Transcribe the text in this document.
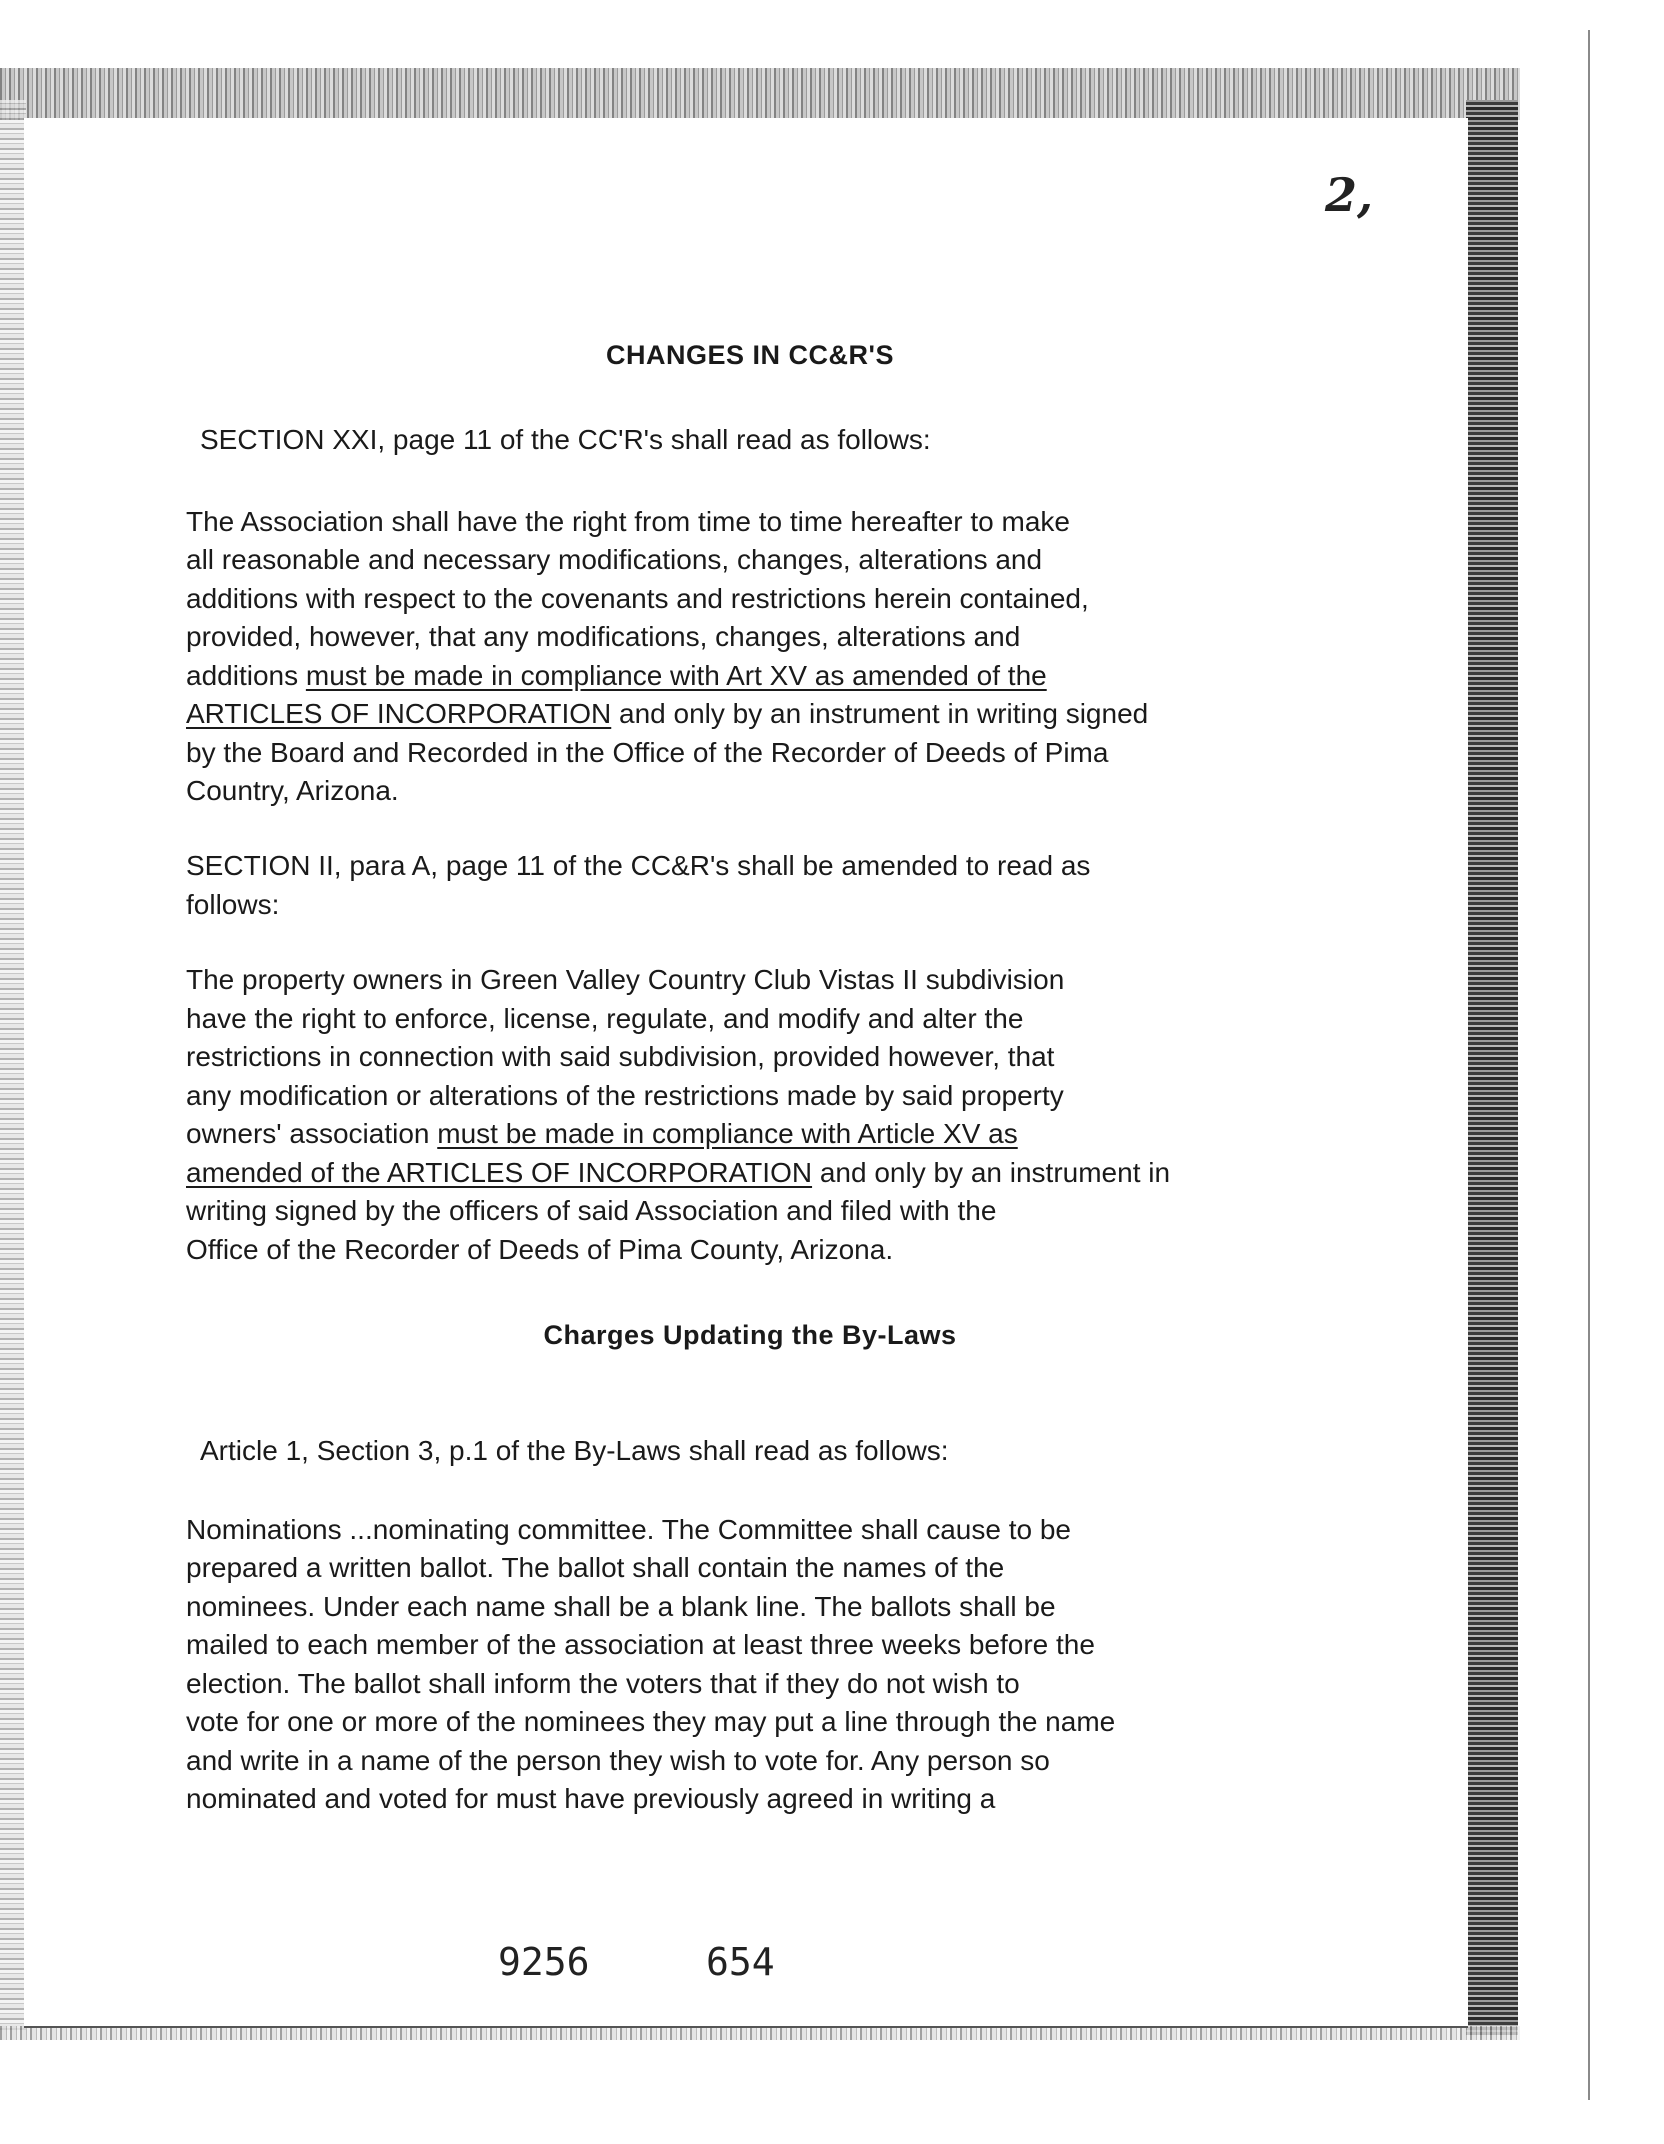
2,
CHANGES IN CC&R'S
SECTION XXI, page 11 of the CC'R's shall read as follows:
The Association shall have the right from time to time hereafter to make
all reasonable and necessary modifications, changes, alterations and
additions with respect to the covenants and restrictions herein contained,
provided, however, that any modifications, changes, alterations and
additions must be made in compliance with Art XV as amended of the
ARTICLES OF INCORPORATION and only by an instrument in writing signed
by the Board and Recorded in the Office of the Recorder of Deeds of Pima
Country, Arizona.
SECTION II, para A, page 11 of the CC&R's shall be amended to read as
follows:
The property owners in Green Valley Country Club Vistas II subdivision
have the right to enforce, license, regulate, and modify and alter the
restrictions in connection with said subdivision, provided however, that
any modification or alterations of the restrictions made by said property
owners' association must be made in compliance with Article XV as
amended of the ARTICLES OF INCORPORATION and only by an instrument in
writing signed by the officers of said Association and filed with the
Office of the Recorder of Deeds of Pima County, Arizona.
Charges Updating the By-Laws
Article 1, Section 3, p.1 of the By-Laws shall read as follows:
Nominations ...nominating committee. The Committee shall cause to be
prepared a written ballot. The ballot shall contain the names of the
nominees. Under each name shall be a blank line. The ballots shall be
mailed to each member of the association at least three weeks before the
election. The ballot shall inform the voters that if they do not wish to
vote for one or more of the nominees they may put a line through the name
and write in a name of the person they wish to vote for. Any person so
nominated and voted for must have previously agreed in writing a
9256	654
